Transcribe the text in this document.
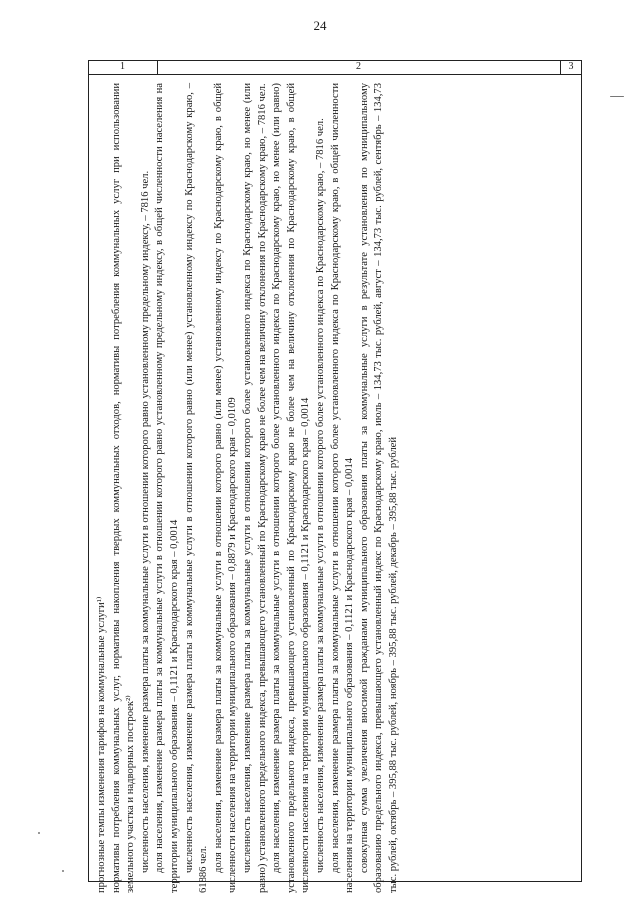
24
1	2	3

прогнозные темпы изменения тарифов на коммунальные услуги¹⁾ нормативы потребления коммунальных услуг, нормативы накопления твердых коммунальных отходов, нормативы потребления коммунальных услуг при использовании земельного участка и надворных построек²⁾ численность населения, изменение размера платы за коммунальные услуги в отношении которого равно установленному предельному индексу, – 7816 чел. доля населения, изменение размера платы за коммунальные услуги в отношении которого равно установленному предельному индексу, в общей численности населения на территории муниципального образования – 0,1121 и Краснодарского края – 0,0014 численность населения, изменение размера платы за коммунальные услуги в отношении которого равно (или менее) установленному индексу по Краснодарскому краю, – 61886 чел. доля населения, изменение размера платы за коммунальные услуги в отношении которого равно (или менее) установленному индексу по Краснодарскому краю, в общей численности населения на территории муниципального образования – 0,8879 и Краснодарского края – 0,0109 численность населения, изменение размера платы за коммунальные услуги в отношении которого более установленного индекса по Краснодарскому краю, но менее (или равно) установленного предельного индекса, превышающего установленный по Краснодарскому краю не более чем на величину отклонения по Краснодарскому краю, – 7816 чел. доля населения, изменение размера платы за коммунальные услуги в отношении которого более установленного индекса по Краснодарскому краю, но менее (или равно) установленного предельного индекса, превышающего установленный по Краснодарскому краю не более чем на величину отклонения по Краснодарскому краю, в общей численности населения на территории муниципального образования – 0,1121 и Краснодарского края – 0,0014 численность населения, изменение размера платы за коммунальные услуги в отношении которого более установленного индекса по Краснодарскому краю, – 7816 чел. доля населения, изменение размера платы за коммунальные услуги в отношении которого более установленного индекса по Краснодарскому краю, в общей численности населения на территории муниципального образования – 0,1121 и Краснодарского края – 0,0014 совокупная сумма увеличения вносимой гражданами муниципального образования платы за коммунальные услуги в результате установления по муниципальному образованию предельного индекса, превышающего установленный индекс по Краснодарскому краю, июль – 134,73 тыс. рублей, август – 134,73 тыс. рублей, сентябрь – 134,73 тыс. рублей, октябрь – 395,88 тыс. рублей, ноябрь – 395,88 тыс. рублей, декабрь – 395,88 тыс. рублей
